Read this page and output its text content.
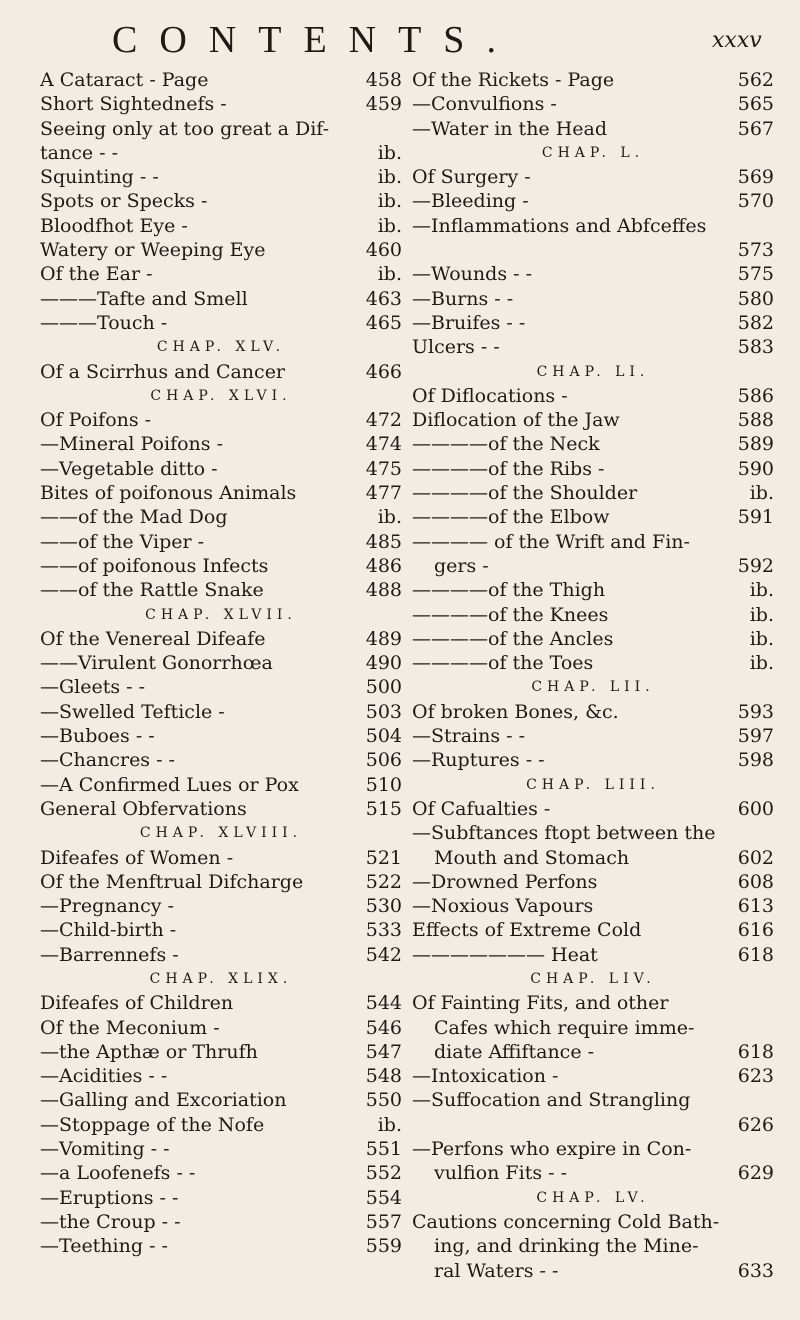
CONTENTS.	xxxv
A Cataract - Page	458
Short Sightednefs -	459
Seeing only at too great a Dif-
tance - -	ib.
Squinting - -	ib.
Spots or Specks -	ib.
Bloodfhot Eye -	ib.
Watery or Weeping Eye	460
Of the Ear -	ib.
———Tafte and Smell	463
———Touch -	465
CHAP. XLV.
Of a Scirrhus and Cancer	466
CHAP. XLVI.
Of Poifons -	472
—Mineral Poifons -	474
—Vegetable ditto -	475
Bites of poifonous Animals	477
——of the Mad Dog	ib.
——of the Viper -	485
——of poifonous Infects	486
——of the Rattle Snake	488
CHAP. XLVII.
Of the Venereal Difeafe	489
——Virulent Gonorrhœa	490
—Gleets - -	500
—Swelled Tefticle -	503
—Buboes - -	504
—Chancres - -	506
—A Confirmed Lues or Pox	510
General Obfervations	515
CHAP. XLVIII.
Difeafes of Women -	521
Of the Menftrual Difcharge	522
—Pregnancy -	530
—Child-birth -	533
—Barrennefs -	542
CHAP. XLIX.
Difeafes of Children	544
Of the Meconium -	546
—the Apthæ or Thrufh	547
—Acidities - -	548
—Galling and Excoriation	550
—Stoppage of the Nofe	ib.
—Vomiting - -	551
—a Loofenefs - -	552
—Eruptions - -	554
—the Croup - -	557
—Teething - -	559
Of the Rickets - Page	562
—Convulfions -	565
—Water in the Head	567
CHAP. L.
Of Surgery -	569
—Bleeding -	570
—Inflammations and Abfceffes
573
—Wounds - -	575
—Burns - -	580
—Bruifes - -	582
Ulcers - -	583
CHAP. LI.
Of Diflocations -	586
Diflocation of the Jaw	588
————of the Neck	589
————of the Ribs -	590
————of the Shoulder	ib.
————of the Elbow	591
———— of the Wrift and Fin-
gers -	592
————of the Thigh	ib.
————of the Knees	ib.
————of the Ancles	ib.
————of the Toes	ib.
CHAP. LII.
Of broken Bones, &c.	593
—Strains - -	597
—Ruptures - -	598
CHAP. LIII.
Of Cafualties -	600
—Subftances ftopt between the
Mouth and Stomach	602
—Drowned Perfons	608
—Noxious Vapours	613
Effects of Extreme Cold	616
——————— Heat	618
CHAP. LIV.
Of Fainting Fits, and other
Cafes which require imme-
diate Affiftance -	618
—Intoxication -	623
—Suffocation and Strangling
626
—Perfons who expire in Con-
vulfion Fits - -	629
CHAP. LV.
Cautions concerning Cold Bath-
ing, and drinking the Mine-
ral Waters - -	633
